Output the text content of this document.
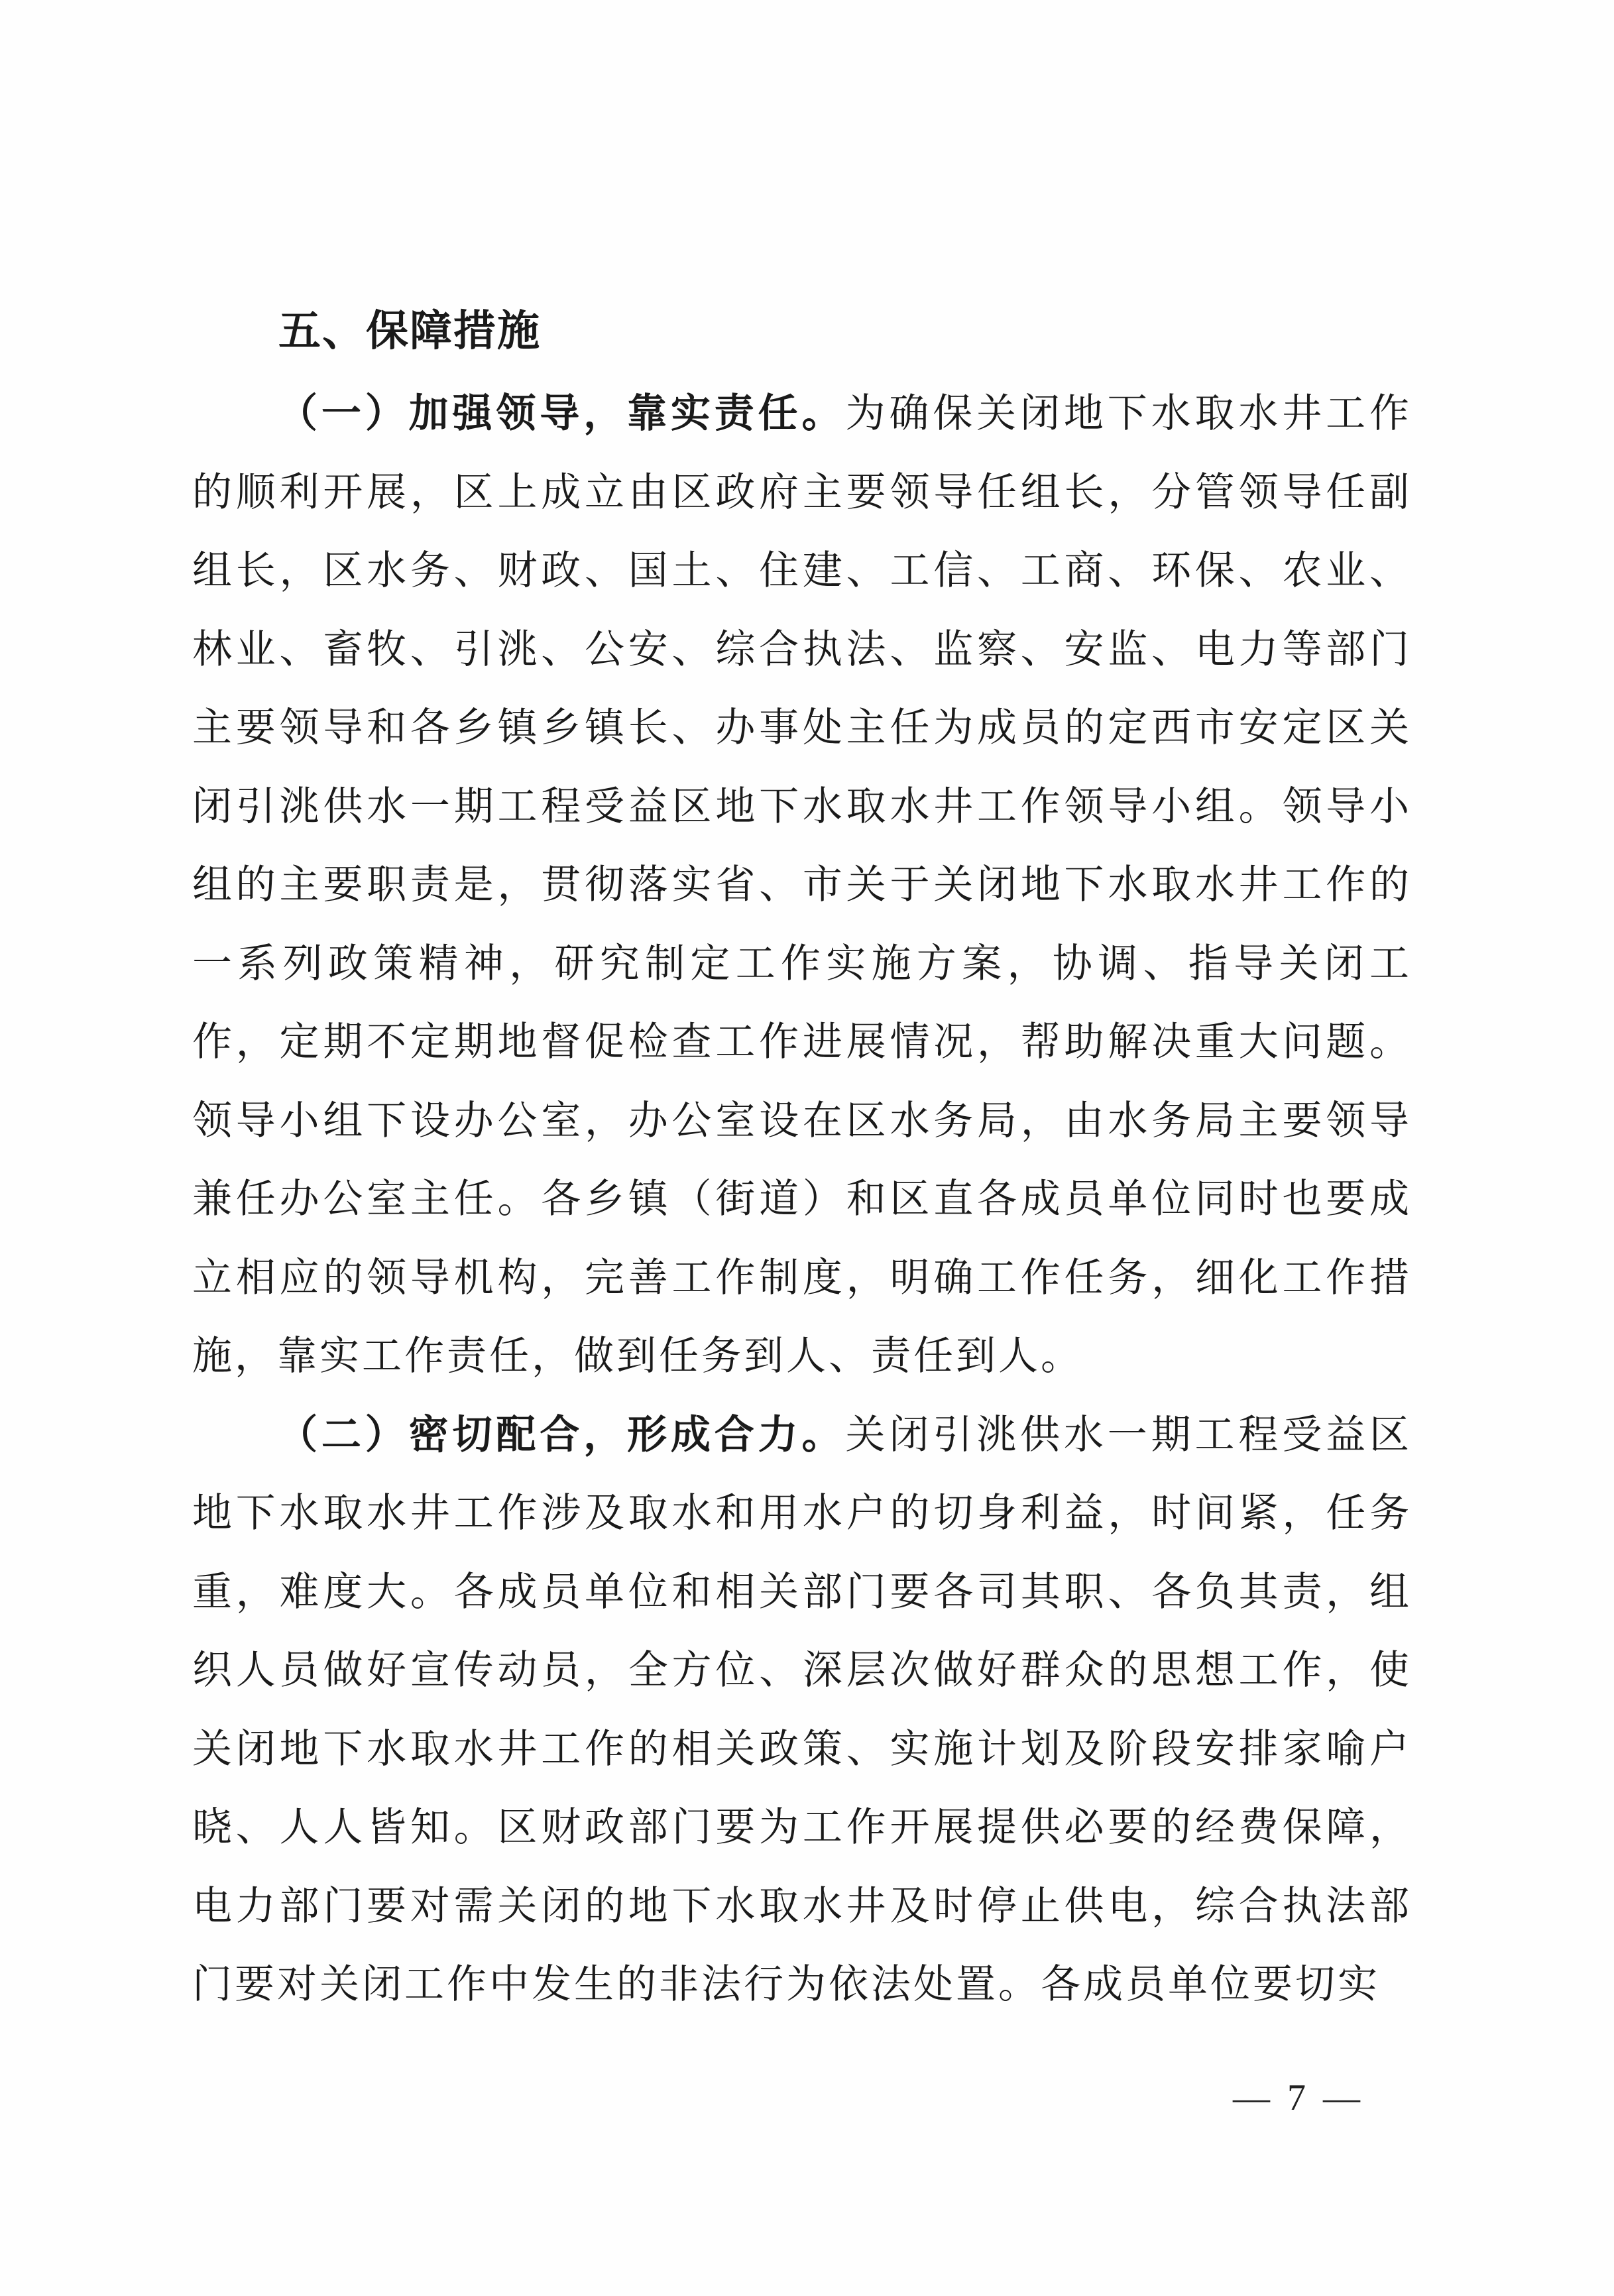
五、保障措施

（一）加强领导，靠实责任。为确保关闭地下水取水井工作的顺利开展，区上成立由区政府主要领导任组长，分管领导任副组长，区水务、财政、国土、住建、工信、工商、环保、农业、林业、畜牧、引洮、公安、综合执法、监察、安监、电力等部门主要领导和各乡镇乡镇长、办事处主任为成员的定西市安定区关闭引洮供水一期工程受益区地下水取水井工作领导小组。领导小组的主要职责是，贯彻落实省、市关于关闭地下水取水井工作的一系列政策精神，研究制定工作实施方案，协调、指导关闭工作，定期不定期地督促检查工作进展情况，帮助解决重大问题。领导小组下设办公室，办公室设在区水务局，由水务局主要领导兼任办公室主任。各乡镇（街道）和区直各成员单位同时也要成立相应的领导机构，完善工作制度，明确工作任务，细化工作措施，靠实工作责任，做到任务到人、责任到人。

（二）密切配合，形成合力。关闭引洮供水一期工程受益区地下水取水井工作涉及取水和用水户的切身利益，时间紧，任务重，难度大。各成员单位和相关部门要各司其职、各负其责，组织人员做好宣传动员，全方位、深层次做好群众的思想工作，使关闭地下水取水井工作的相关政策、实施计划及阶段安排家喻户晓、人人皆知。区财政部门要为工作开展提供必要的经费保障，电力部门要对需关闭的地下水取水井及时停止供电，综合执法部门要对关闭工作中发生的非法行为依法处置。各成员单位要切实

— 7 —
